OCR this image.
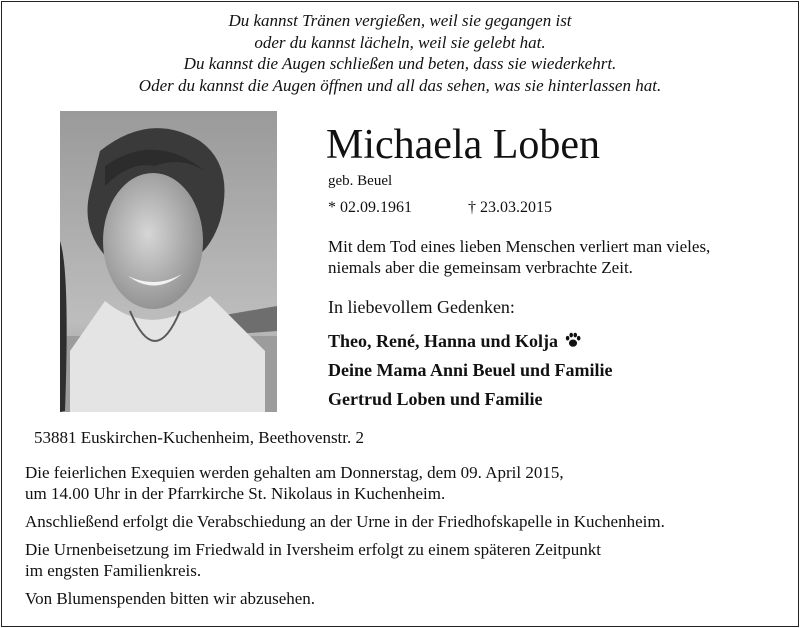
Du kannst Tränen vergießen, weil sie gegangen ist
oder du kannst lächeln, weil sie gelebt hat.
Du kannst die Augen schließen und beten, dass sie wiederkehrt.
Oder du kannst die Augen öffnen und all das sehen, was sie hinterlassen hat.
Michaela Loben
geb. Beuel
* 02.09.1961	† 23.03.2015
Mit dem Tod eines lieben Menschen verliert man vieles,
niemals aber die gemeinsam verbrachte Zeit.
In liebevollem Gedenken:
Theo, René, Hanna und Kolja
Deine Mama Anni Beuel und Familie
Gertrud Loben und Familie
53881 Euskirchen-Kuchenheim, Beethovenstr. 2

Die feierlichen Exequien werden gehalten am Donnerstag, dem 09. April 2015,
um 14.00 Uhr in der Pfarrkirche St. Nikolaus in Kuchenheim.

Anschließend erfolgt die Verabschiedung an der Urne in der Friedhofskapelle in Kuchenheim.

Die Urnenbeisetzung im Friedwald in Iversheim erfolgt zu einem späteren Zeitpunkt
im engsten Familienkreis.

Von Blumenspenden bitten wir abzusehen.
